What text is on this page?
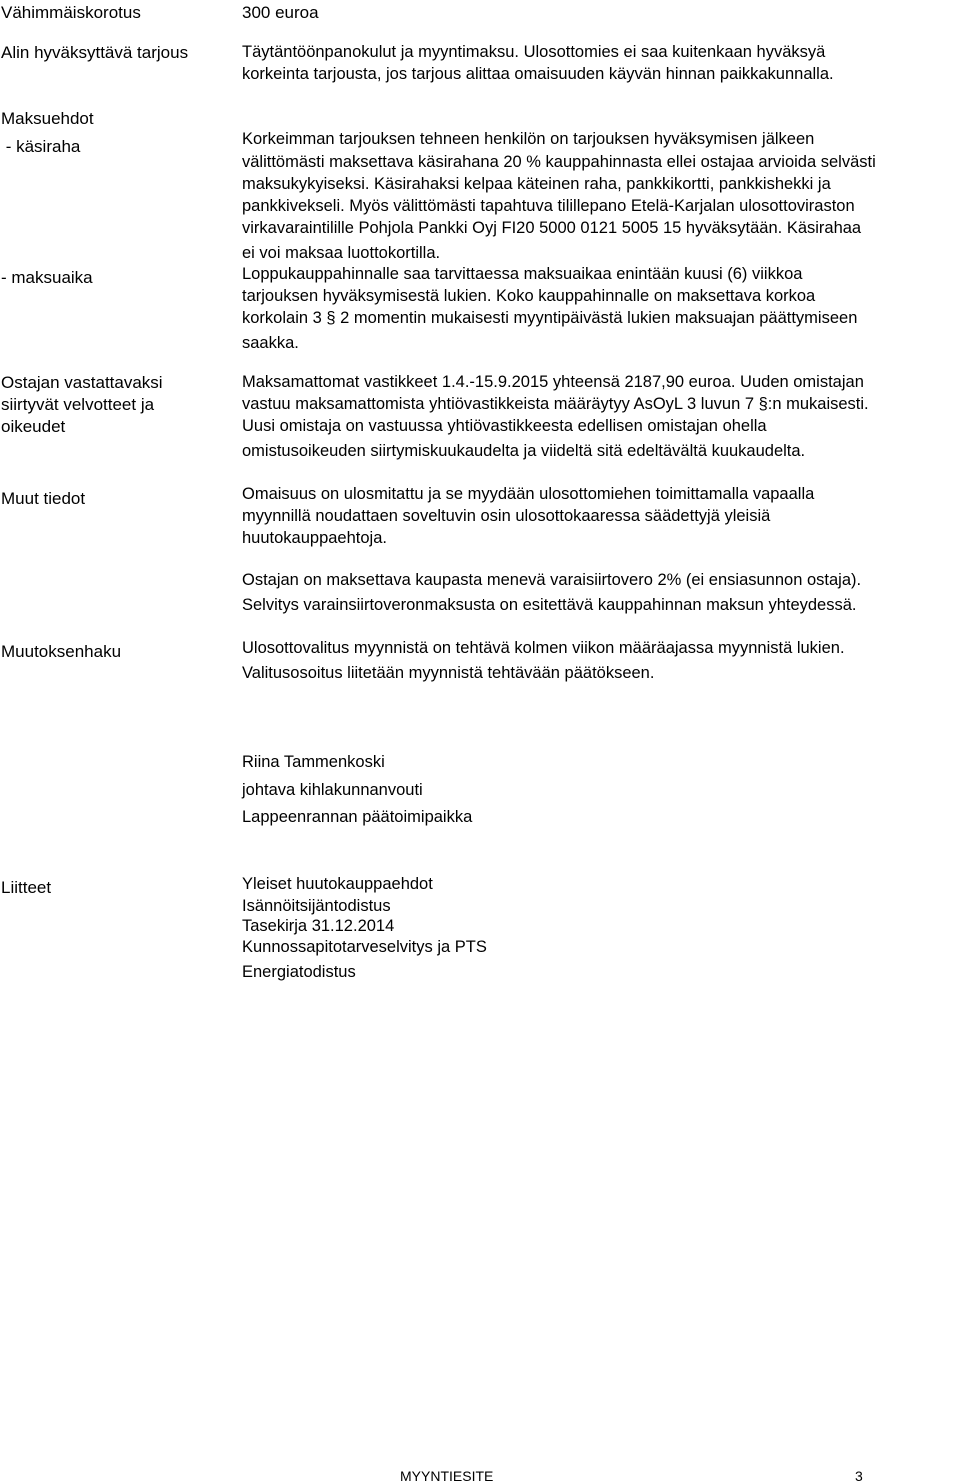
Vähimmäiskorotus
Alin hyväksyttävä tarjous
Maksuehdot
- käsiraha
- maksuaika
Ostajan vastattavaksi
siirtyvät velvotteet ja
oikeudet
Muut tiedot
Muutoksenhaku
Liitteet
300 euroa
Täytäntöönpanokulut ja myyntimaksu. Ulosottomies ei saa kuitenkaan hyväksyä
korkeinta tarjousta, jos tarjous alittaa omaisuuden käyvän hinnan paikkakunnalla.
Korkeimman tarjouksen tehneen henkilön on tarjouksen hyväksymisen jälkeen
välittömästi maksettava käsirahana 20 % kauppahinnasta ellei ostajaa arvioida selvästi
maksukykyiseksi. Käsirahaksi kelpaa käteinen raha, pankkikortti, pankkishekki ja
pankkivekseli. Myös välittömästi tapahtuva tilillepano Etelä-Karjalan ulosottoviraston
virkavaraintilille Pohjola Pankki Oyj FI20 5000 0121 5005 15 hyväksytään. Käsirahaa
ei voi maksaa luottokortilla.
Loppukauppahinnalle saa tarvittaessa maksuaikaa enintään kuusi (6) viikkoa
tarjouksen hyväksymisestä lukien. Koko kauppahinnalle on maksettava korkoa
korkolain 3 § 2 momentin mukaisesti myyntipäivästä lukien maksuajan päättymiseen
saakka.
Maksamattomat vastikkeet 1.4.-15.9.2015 yhteensä 2187,90 euroa. Uuden omistajan
vastuu maksamattomista yhtiövastikkeista määräytyy AsOyL 3 luvun 7 §:n mukaisesti.
Uusi omistaja on vastuussa yhtiövastikkeesta edellisen omistajan ohella
omistusoikeuden siirtymiskuukaudelta ja viideltä sitä edeltävältä kuukaudelta.
Omaisuus on ulosmitattu ja se myydään ulosottomiehen toimittamalla vapaalla
myynnillä noudattaen soveltuvin osin ulosottokaaressa säädettyjä yleisiä
huutokauppaehtoja.
Ostajan on maksettava kaupasta menevä varaisiirtovero 2% (ei ensiasunnon ostaja).
Selvitys varainsiirtoveronmaksusta on esitettävä kauppahinnan maksun yhteydessä.
Ulosottovalitus myynnistä on tehtävä kolmen viikon määräajassa myynnistä lukien.
Valitusosoitus liitetään myynnistä tehtävään päätökseen.
Riina Tammenkoski
johtava kihlakunnanvouti
Lappeenrannan päätoimipaikka
Yleiset huutokauppaehdot
Isännöitsijäntodistus
Tasekirja 31.12.2014
Kunnossapitotarveselvitys ja PTS
Energiatodistus
MYYNTIESITE	3
